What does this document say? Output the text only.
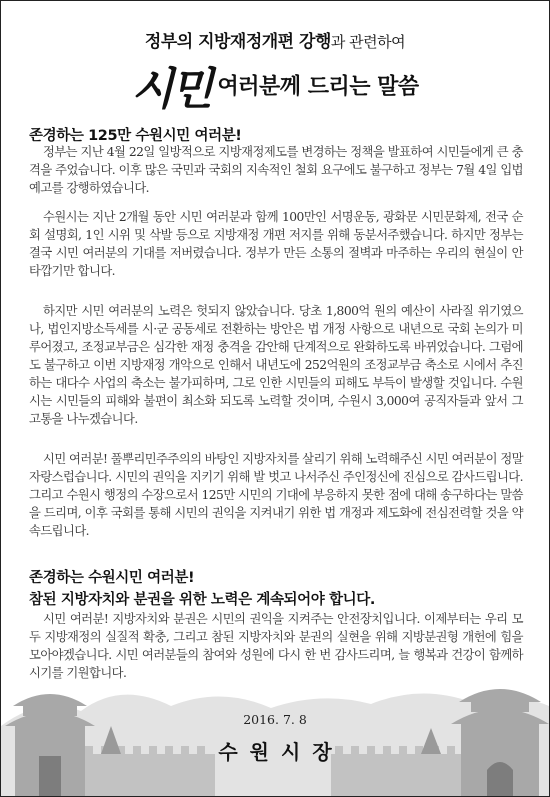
정부의 지방재정개편 강행과 관련하여
시민 여러분께 드리는 말씀
존경하는 125만 수원시민 여러분!

정부는 지난 4월 22일 일방적으로 지방재정제도를 변경하는 정책을 발표하여 시민들에게 큰 충격을 주었습니다. 이후 많은 국민과 국회의 지속적인 철회 요구에도 불구하고 정부는 7월 4일 입법예고를 강행하였습니다.

수원시는 지난 2개월 동안 시민 여러분과 함께 100만인 서명운동, 광화문 시민문화제, 전국 순회 설명회, 1인 시위 및 삭발 등으로 지방재정 개편 저지를 위해 동분서주했습니다. 하지만 정부는 결국 시민 여러분의 기대를 저버렸습니다. 정부가 만든 소통의 절벽과 마주하는 우리의 현실이 안타깝기만 합니다.

하지만 시민 여러분의 노력은 헛되지 않았습니다. 당초 1,800억 원의 예산이 사라질 위기였으나, 법인지방소득세를 시·군 공동세로 전환하는 방안은 법 개정 사항으로 내년으로 국회 논의가 미루어졌고, 조정교부금은 심각한 재정 충격을 감안해 단계적으로 완화하도록 바뀌었습니다. 그럼에도 불구하고 이번 지방재정 개악으로 인해서 내년도에 252억원의 조정교부금 축소로 시에서 추진하는 대다수 사업의 축소는 불가피하며, 그로 인한 시민들의 피해도 부득이 발생할 것입니다. 수원시는 시민들의 피해와 불편이 최소화 되도록 노력할 것이며, 수원시 3,000여 공직자들과 앞서 그 고통을 나누겠습니다.

시민 여러분! 풀뿌리민주주의의 바탕인 지방자치를 살리기 위해 노력해주신 시민 여러분이 정말 자랑스럽습니다. 시민의 권익을 지키기 위해 발 벗고 나서주신 주인정신에 진심으로 감사드립니다. 그리고 수원시 행정의 수장으로서 125만 시민의 기대에 부응하지 못한 점에 대해 송구하다는 말씀을 드리며, 이후 국회를 통해 시민의 권익을 지켜내기 위한 법 개정과 제도화에 전심전력할 것을 약속드립니다.

존경하는 수원시민 여러분!
참된 지방자치와 분권을 위한 노력은 계속되어야 합니다.

시민 여러분! 지방자치와 분권은 시민의 권익을 지켜주는 안전장치입니다. 이제부터는 우리 모두 지방재정의 실질적 확충, 그리고 참된 지방자치와 분권의 실현을 위해 지방분권형 개헌에 힘을 모아야겠습니다. 시민 여러분들의 참여와 성원에 다시 한 번 감사드리며, 늘 행복과 건강이 함께하시기를 기원합니다.

2016. 7. 8
수원시장
